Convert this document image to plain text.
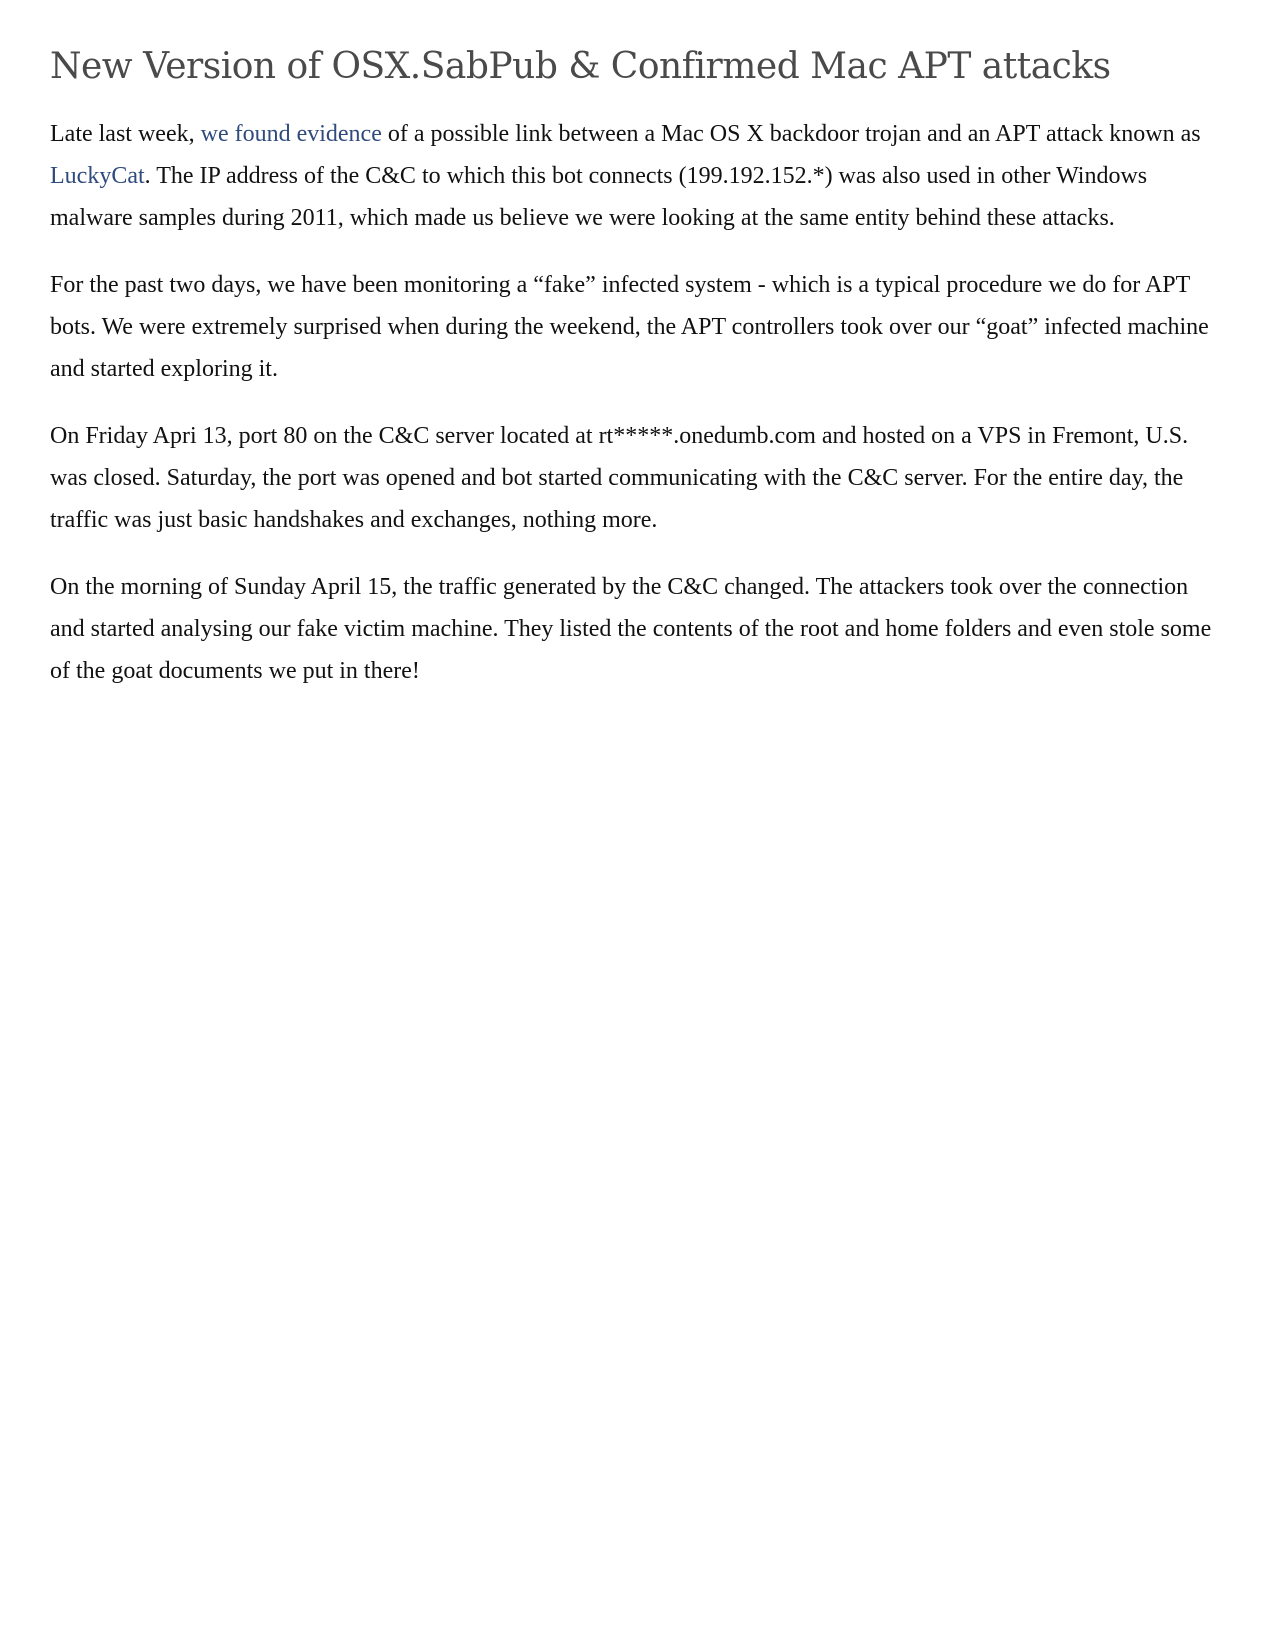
New Version of OSX.SabPub & Confirmed Mac APT attacks

Late last week, we found evidence of a possible link between a Mac OS X backdoor trojan and an APT attack known as LuckyCat. The IP address of the C&C to which this bot connects (199.192.152.*) was also used in other Windows malware samples during 2011, which made us believe we were looking at the same entity behind these attacks.

For the past two days, we have been monitoring a “fake” infected system - which is a typical procedure we do for APT bots. We were extremely surprised when during the weekend, the APT controllers took over our “goat” infected machine and started exploring it.

On Friday Apri 13, port 80 on the C&C server located at rt*****.onedumb.com and hosted on a VPS in Fremont, U.S. was closed. Saturday, the port was opened and bot started communicating with the C&C server. For the entire day, the traffic was just basic handshakes and exchanges, nothing more.

On the morning of Sunday April 15, the traffic generated by the C&C changed. The attackers took over the connection and started analysing our fake victim machine. They listed the contents of the root and home folders and even stole some of the goat documents we put in there!
